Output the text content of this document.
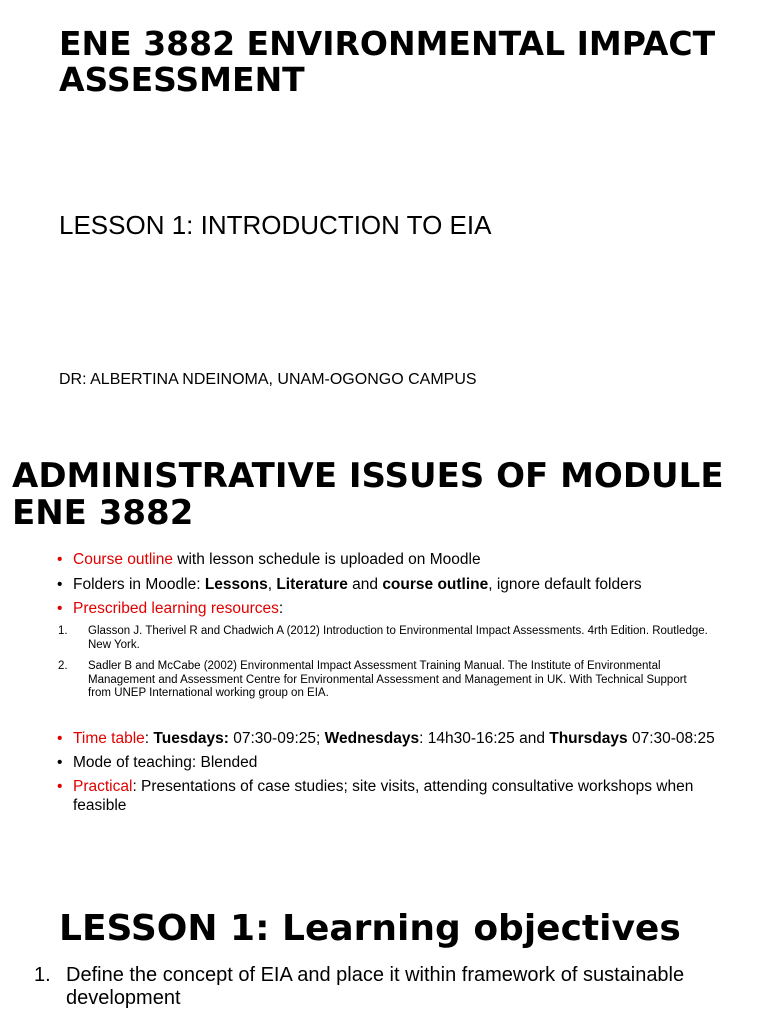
ENE 3882 ENVIRONMENTAL IMPACT ASSESSMENT
LESSON 1: INTRODUCTION TO EIA

DR: ALBERTINA NDEINOMA, UNAM-OGONGO CAMPUS

ADMINISTRATIVE ISSUES OF MODULE ENE 3882
• Course outline with lesson schedule is uploaded on Moodle
• Folders in Moodle: Lessons, Literature and course outline, ignore default folders
• Prescribed learning resources:
1.	Glasson J. Therivel R and Chadwich A (2012) Introduction to Environmental Impact Assessments. 4rth Edition. Routledge. New York.
2.	Sadler B and McCabe (2002) Environmental Impact Assessment Training Manual. The Institute of Environmental Management and Assessment Centre for Environmental Assessment and Management in UK. With Technical Support from UNEP International working group on EIA.
• Time table: Tuesdays: 07:30-09:25; Wednesdays: 14h30-16:25 and Thursdays 07:30-08:25
• Mode of teaching: Blended
• Practical: Presentations of case studies; site visits, attending consultative workshops when feasible
LESSON 1: Learning objectives
1. Define the concept of EIA and place it within framework of sustainable development
